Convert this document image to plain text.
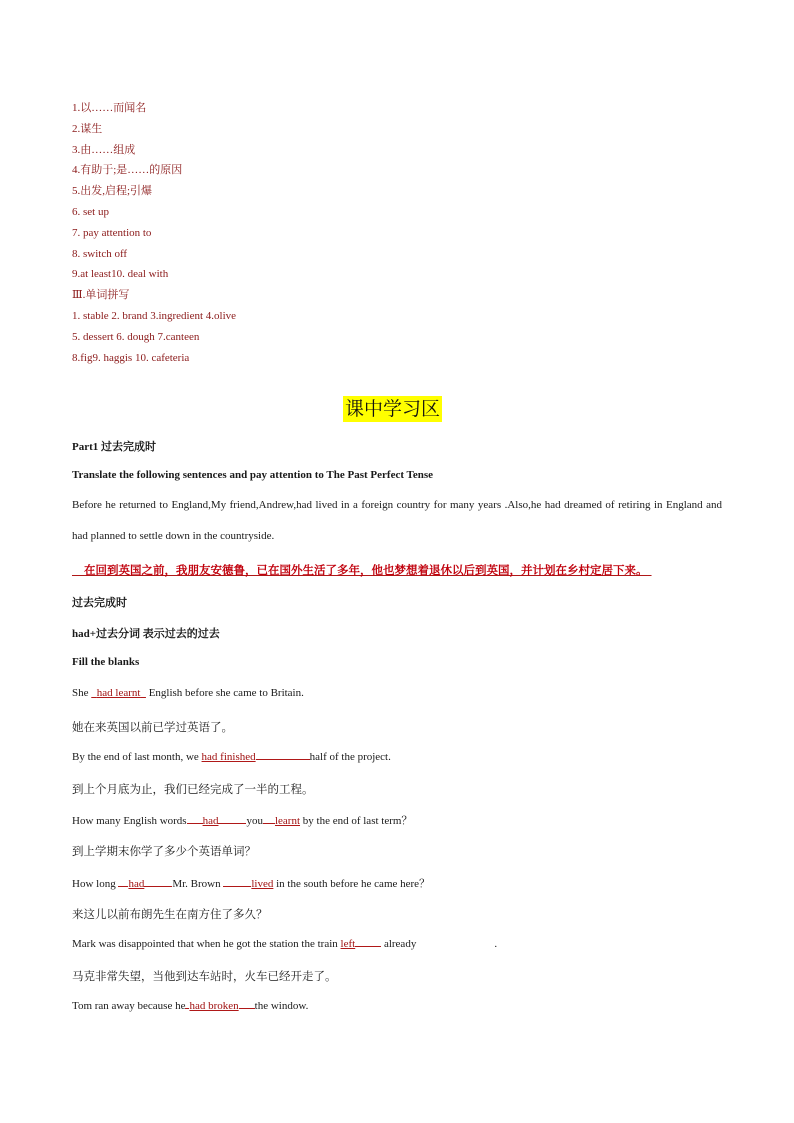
1.以……而闻名
2.谋生
3.由……组成
4.有助于;是……的原因
5.出发,启程;引爆
6. set up
7. pay attention to
8. switch off
9.at least10. deal with
Ⅲ.单词拼写
1. stable 2. brand 3.ingredient 4.olive
5. dessert 6. dough 7.canteen
8.fig9. haggis 10. cafeteria
课中学习区
Part1 过去完成时
Translate the following sentences and pay attention to The Past Perfect Tense
Before he returned to England,My friend,Andrew,had lived in a foreign country for many years .Also,he had dreamed of retiring in England and had planned to settle down in the countryside.
在回到英国之前，我朋友安德鲁，已在国外生活了多年，他也梦想着退休以后到英国，并计划在乡村定居下来。
过去完成时
had+过去分词 表示过去的过去
Fill the blanks
She   had learnt   English before she came to Britain.
她在来英国以前已学过英语了。
By the end of last month, we had finished	half of the project.
到上个月底为止，我们已经完成了一半的工程。
How many English words had	you learnt by the end of last term？
到上学期末你学了多少个英语单词？
How long had	Mr. Brown	lived in the south before he came here？
来这儿以前布朗先生在南方住了多久？
Mark was disappointed that when he got the station the train left already	.
马克非常失望，当他到达车站时，火车已经开走了。
Tom ran away because he had broken the window.
